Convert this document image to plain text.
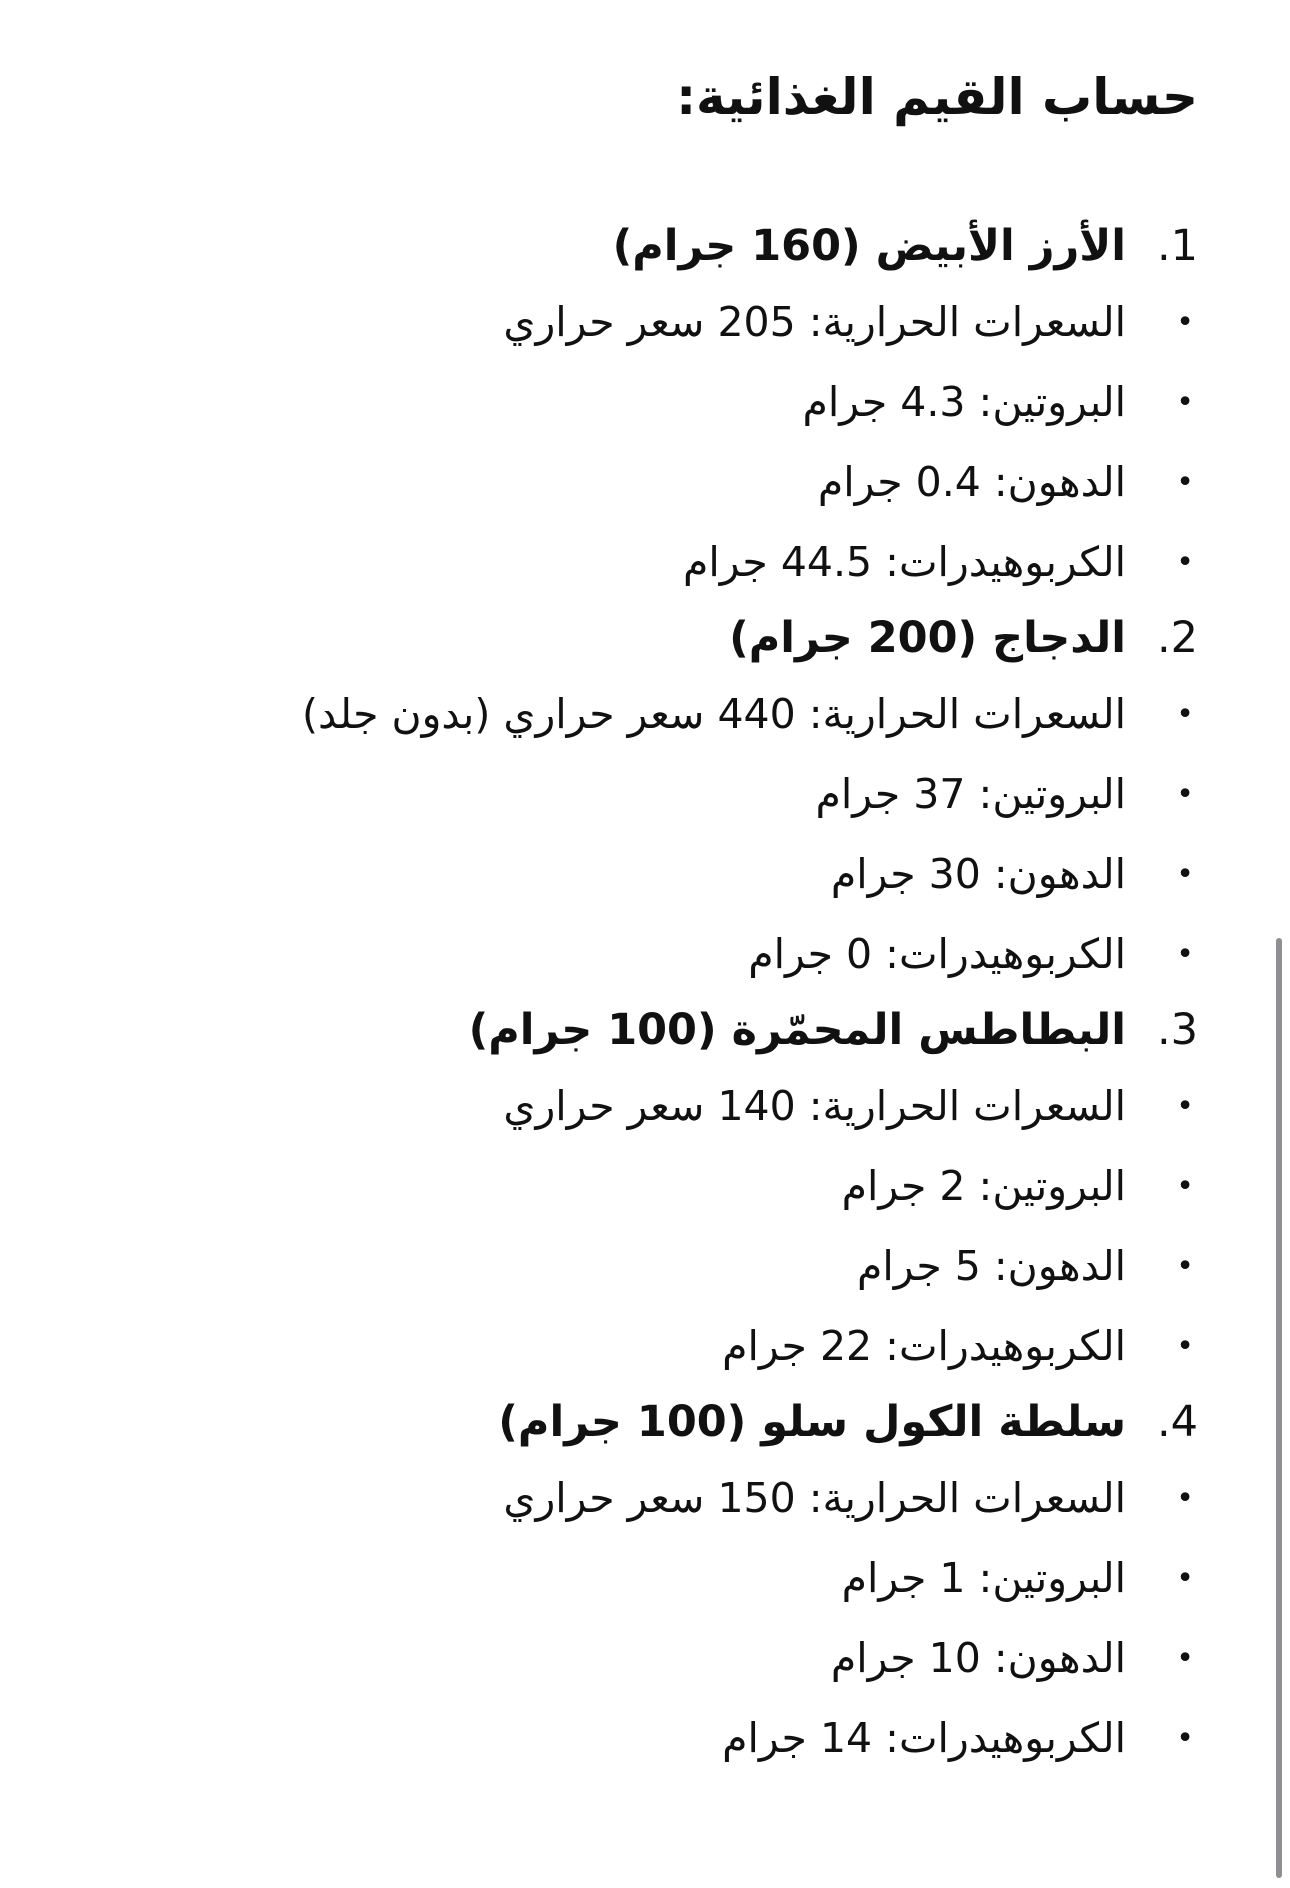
حساب القيم الغذائية:
1.
الأرز الأبيض (160 جرام)
•
السعرات الحرارية: 205 سعر حراري
•
البروتين: 4.3 جرام
•
الدهون: 0.4 جرام
•
الكربوهيدرات: 44.5 جرام
2.
الدجاج (200 جرام)
•
السعرات الحرارية: 440 سعر حراري (بدون جلد)
•
البروتين: 37 جرام
•
الدهون: 30 جرام
•
الكربوهيدرات: 0 جرام
3.
البطاطس المحمّرة (100 جرام)
•
السعرات الحرارية: 140 سعر حراري
•
البروتين: 2 جرام
•
الدهون: 5 جرام
•
الكربوهيدرات: 22 جرام
4.
سلطة الكول سلو (100 جرام)
•
السعرات الحرارية: 150 سعر حراري
•
البروتين: 1 جرام
•
الدهون: 10 جرام
•
الكربوهيدرات: 14 جرام
